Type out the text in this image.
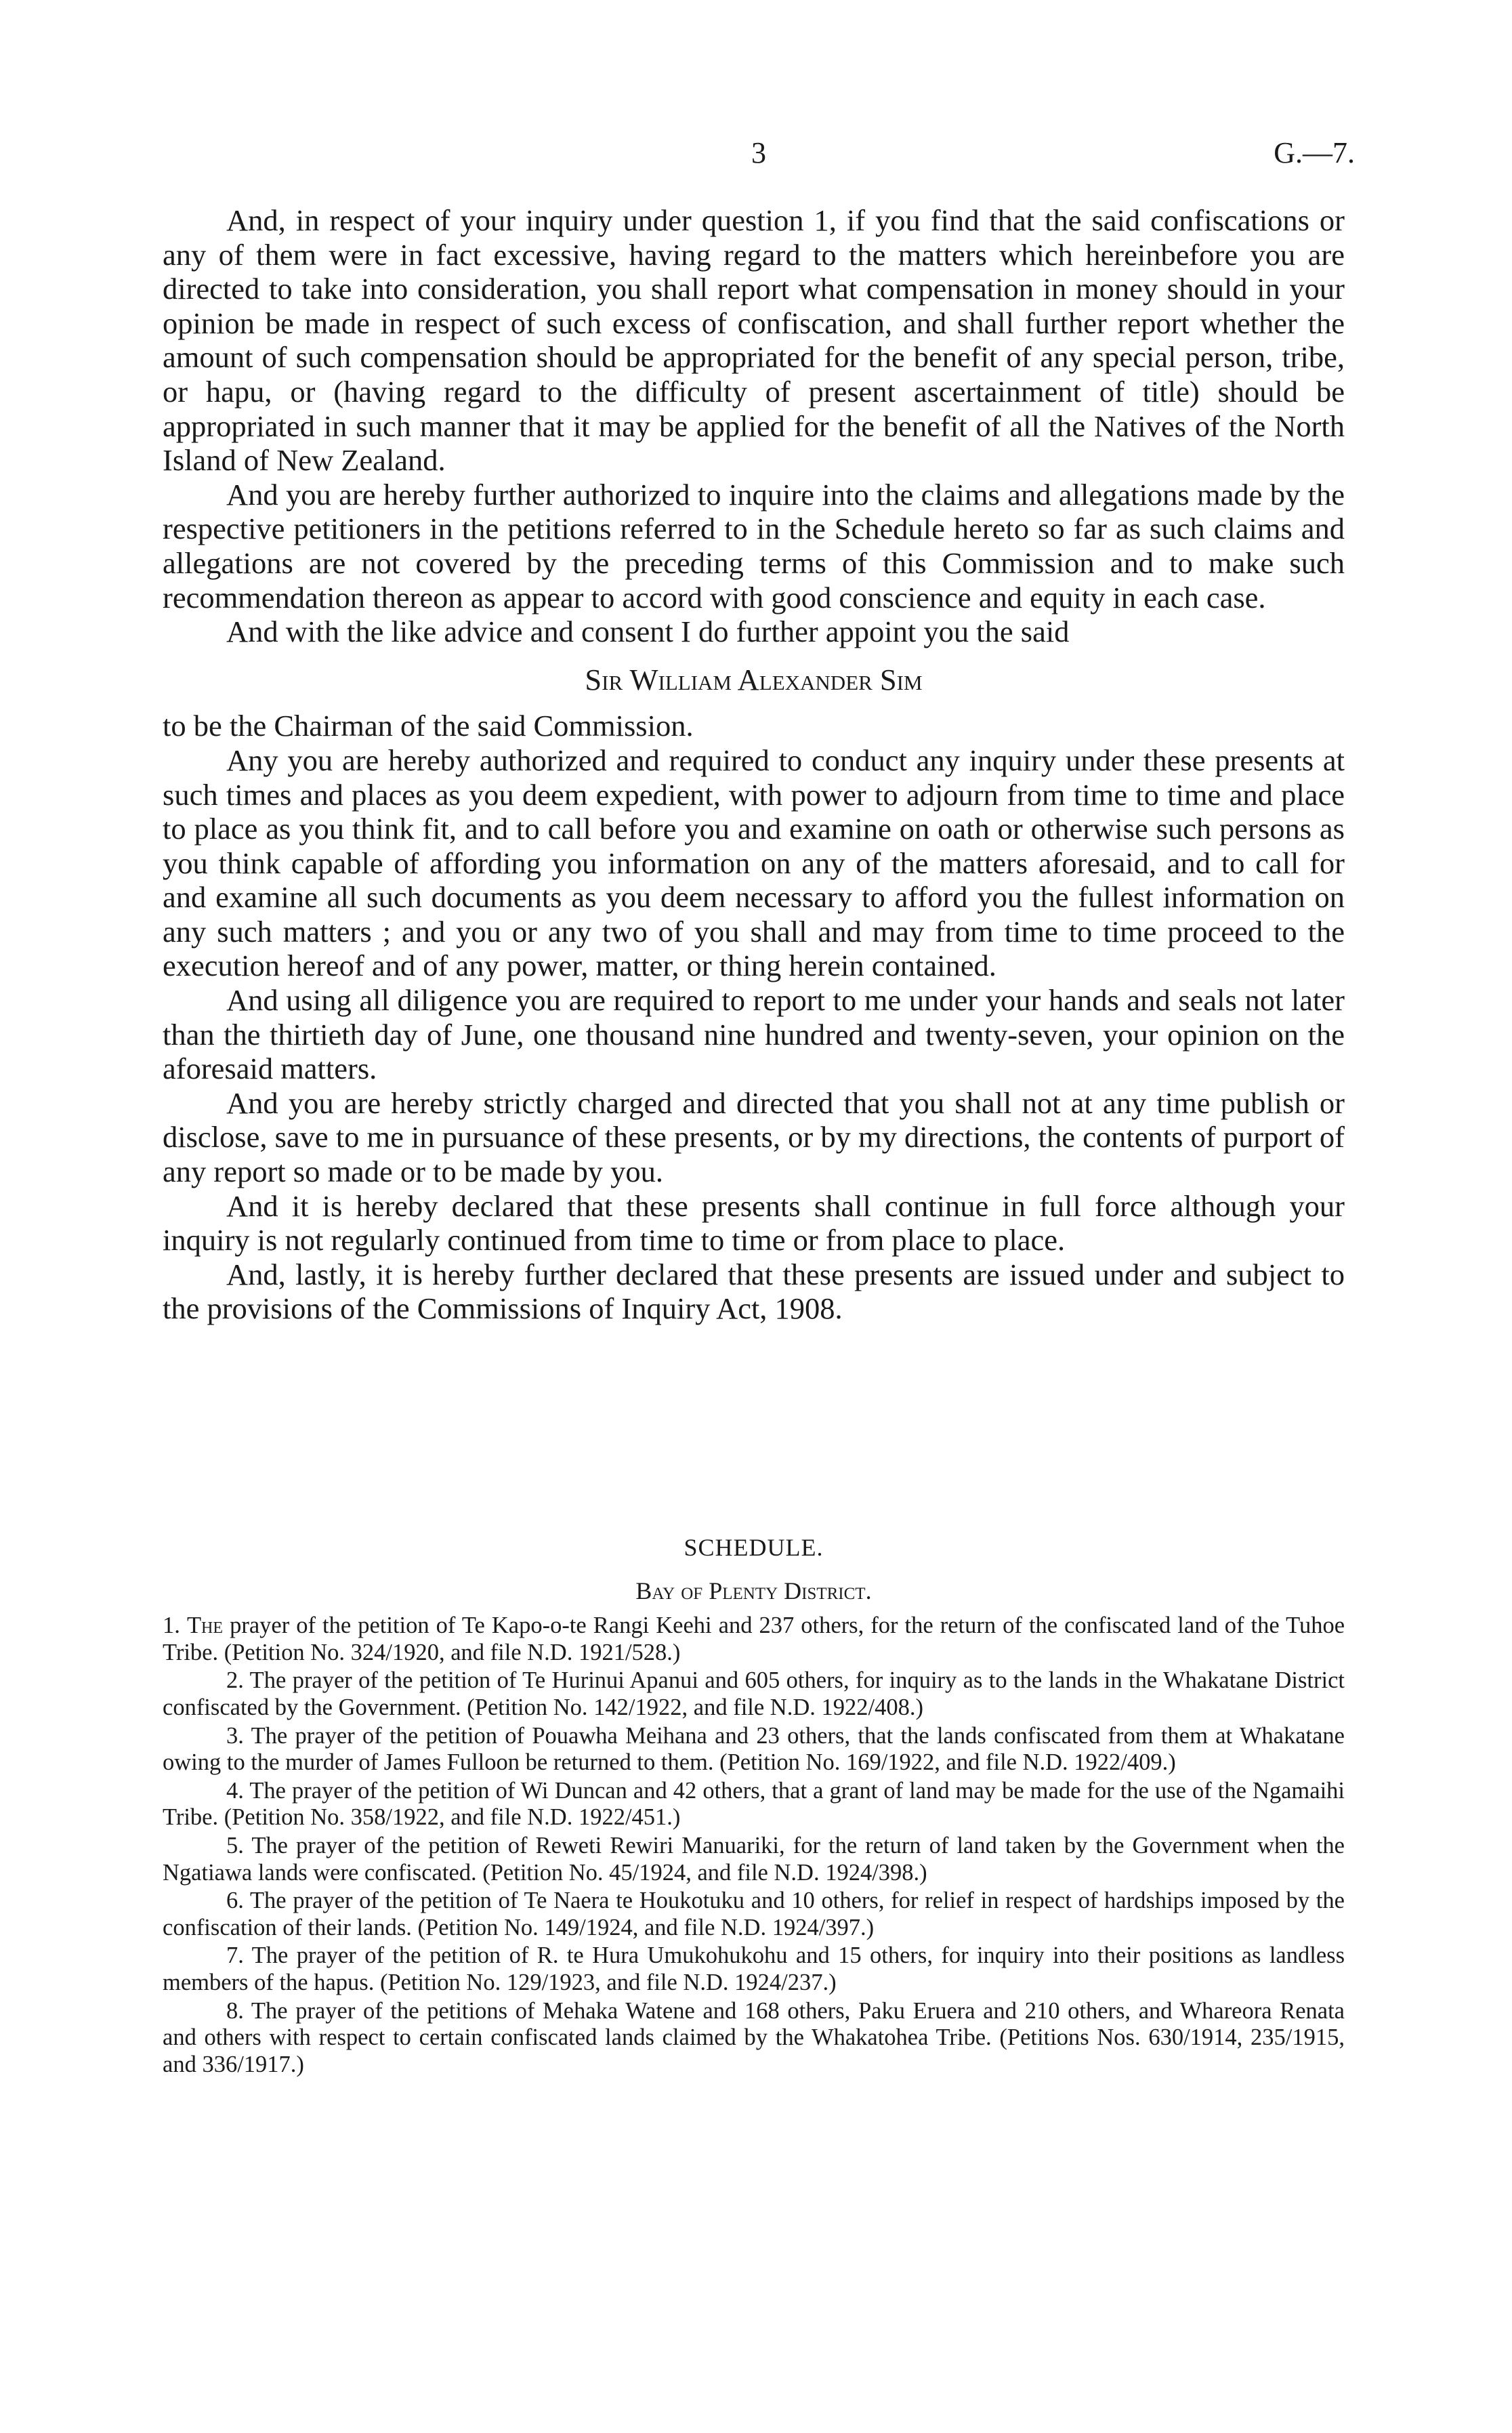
3	G.—7.

And, in respect of your inquiry under question 1, if you find that the said confiscations or any of them were in fact excessive, having regard to the matters which hereinbefore you are directed to take into consideration, you shall report what compensation in money should in your opinion be made in respect of such excess of confiscation, and shall further report whether the amount of such compensation should be appropriated for the benefit of any special person, tribe, or hapu, or (having regard to the difficulty of present ascertainment of title) should be appropriated in such manner that it may be applied for the benefit of all the Natives of the North Island of New Zealand.

And you are hereby further authorized to inquire into the claims and allegations made by the respective petitioners in the petitions referred to in the Schedule hereto so far as such claims and allegations are not covered by the preceding terms of this Commission and to make such recommendation thereon as appear to accord with good conscience and equity in each case.

And with the like advice and consent I do further appoint you the said

Sir William Alexander Sim

to be the Chairman of the said Commission.

Any you are hereby authorized and required to conduct any inquiry under these presents at such times and places as you deem expedient, with power to adjourn from time to time and place to place as you think fit, and to call before you and examine on oath or otherwise such persons as you think capable of affording you information on any of the matters aforesaid, and to call for and examine all such documents as you deem necessary to afford you the fullest information on any such matters ; and you or any two of you shall and may from time to time proceed to the execution hereof and of any power, matter, or thing herein contained.

And using all diligence you are required to report to me under your hands and seals not later than the thirtieth day of June, one thousand nine hundred and twenty-seven, your opinion on the aforesaid matters.

And you are hereby strictly charged and directed that you shall not at any time publish or disclose, save to me in pursuance of these presents, or by my directions, the contents of purport of any report so made or to be made by you.

And it is hereby declared that these presents shall continue in full force although your inquiry is not regularly continued from time to time or from place to place.

And, lastly, it is hereby further declared that these presents are issued under and subject to the provisions of the Commissions of Inquiry Act, 1908.

SCHEDULE.
Bay of Plenty District.

1. The prayer of the petition of Te Kapo-o-te Rangi Keehi and 237 others, for the return of the confiscated land of the Tuhoe Tribe. (Petition No. 324/1920, and file N.D. 1921/528.)

2. The prayer of the petition of Te Hurinui Apanui and 605 others, for inquiry as to the lands in the Whakatane District confiscated by the Government. (Petition No. 142/1922, and file N.D. 1922/408.)

3. The prayer of the petition of Pouawha Meihana and 23 others, that the lands confiscated from them at Whakatane owing to the murder of James Fulloon be returned to them. (Petition No. 169/1922, and file N.D. 1922/409.)

4. The prayer of the petition of Wi Duncan and 42 others, that a grant of land may be made for the use of the Ngamaihi Tribe. (Petition No. 358/1922, and file N.D. 1922/451.)

5. The prayer of the petition of Reweti Rewiri Manuariki, for the return of land taken by the Government when the Ngatiawa lands were confiscated. (Petition No. 45/1924, and file N.D. 1924/398.)

6. The prayer of the petition of Te Naera te Houkotuku and 10 others, for relief in respect of hardships imposed by the confiscation of their lands. (Petition No. 149/1924, and file N.D. 1924/397.)

7. The prayer of the petition of R. te Hura Umukohukohu and 15 others, for inquiry into their positions as landless members of the hapus. (Petition No. 129/1923, and file N.D. 1924/237.)

8. The prayer of the petitions of Mehaka Watene and 168 others, Paku Eruera and 210 others, and Whareora Renata and others with respect to certain confiscated lands claimed by the Whakatohea Tribe. (Petitions Nos. 630/1914, 235/1915, and 336/1917.)
